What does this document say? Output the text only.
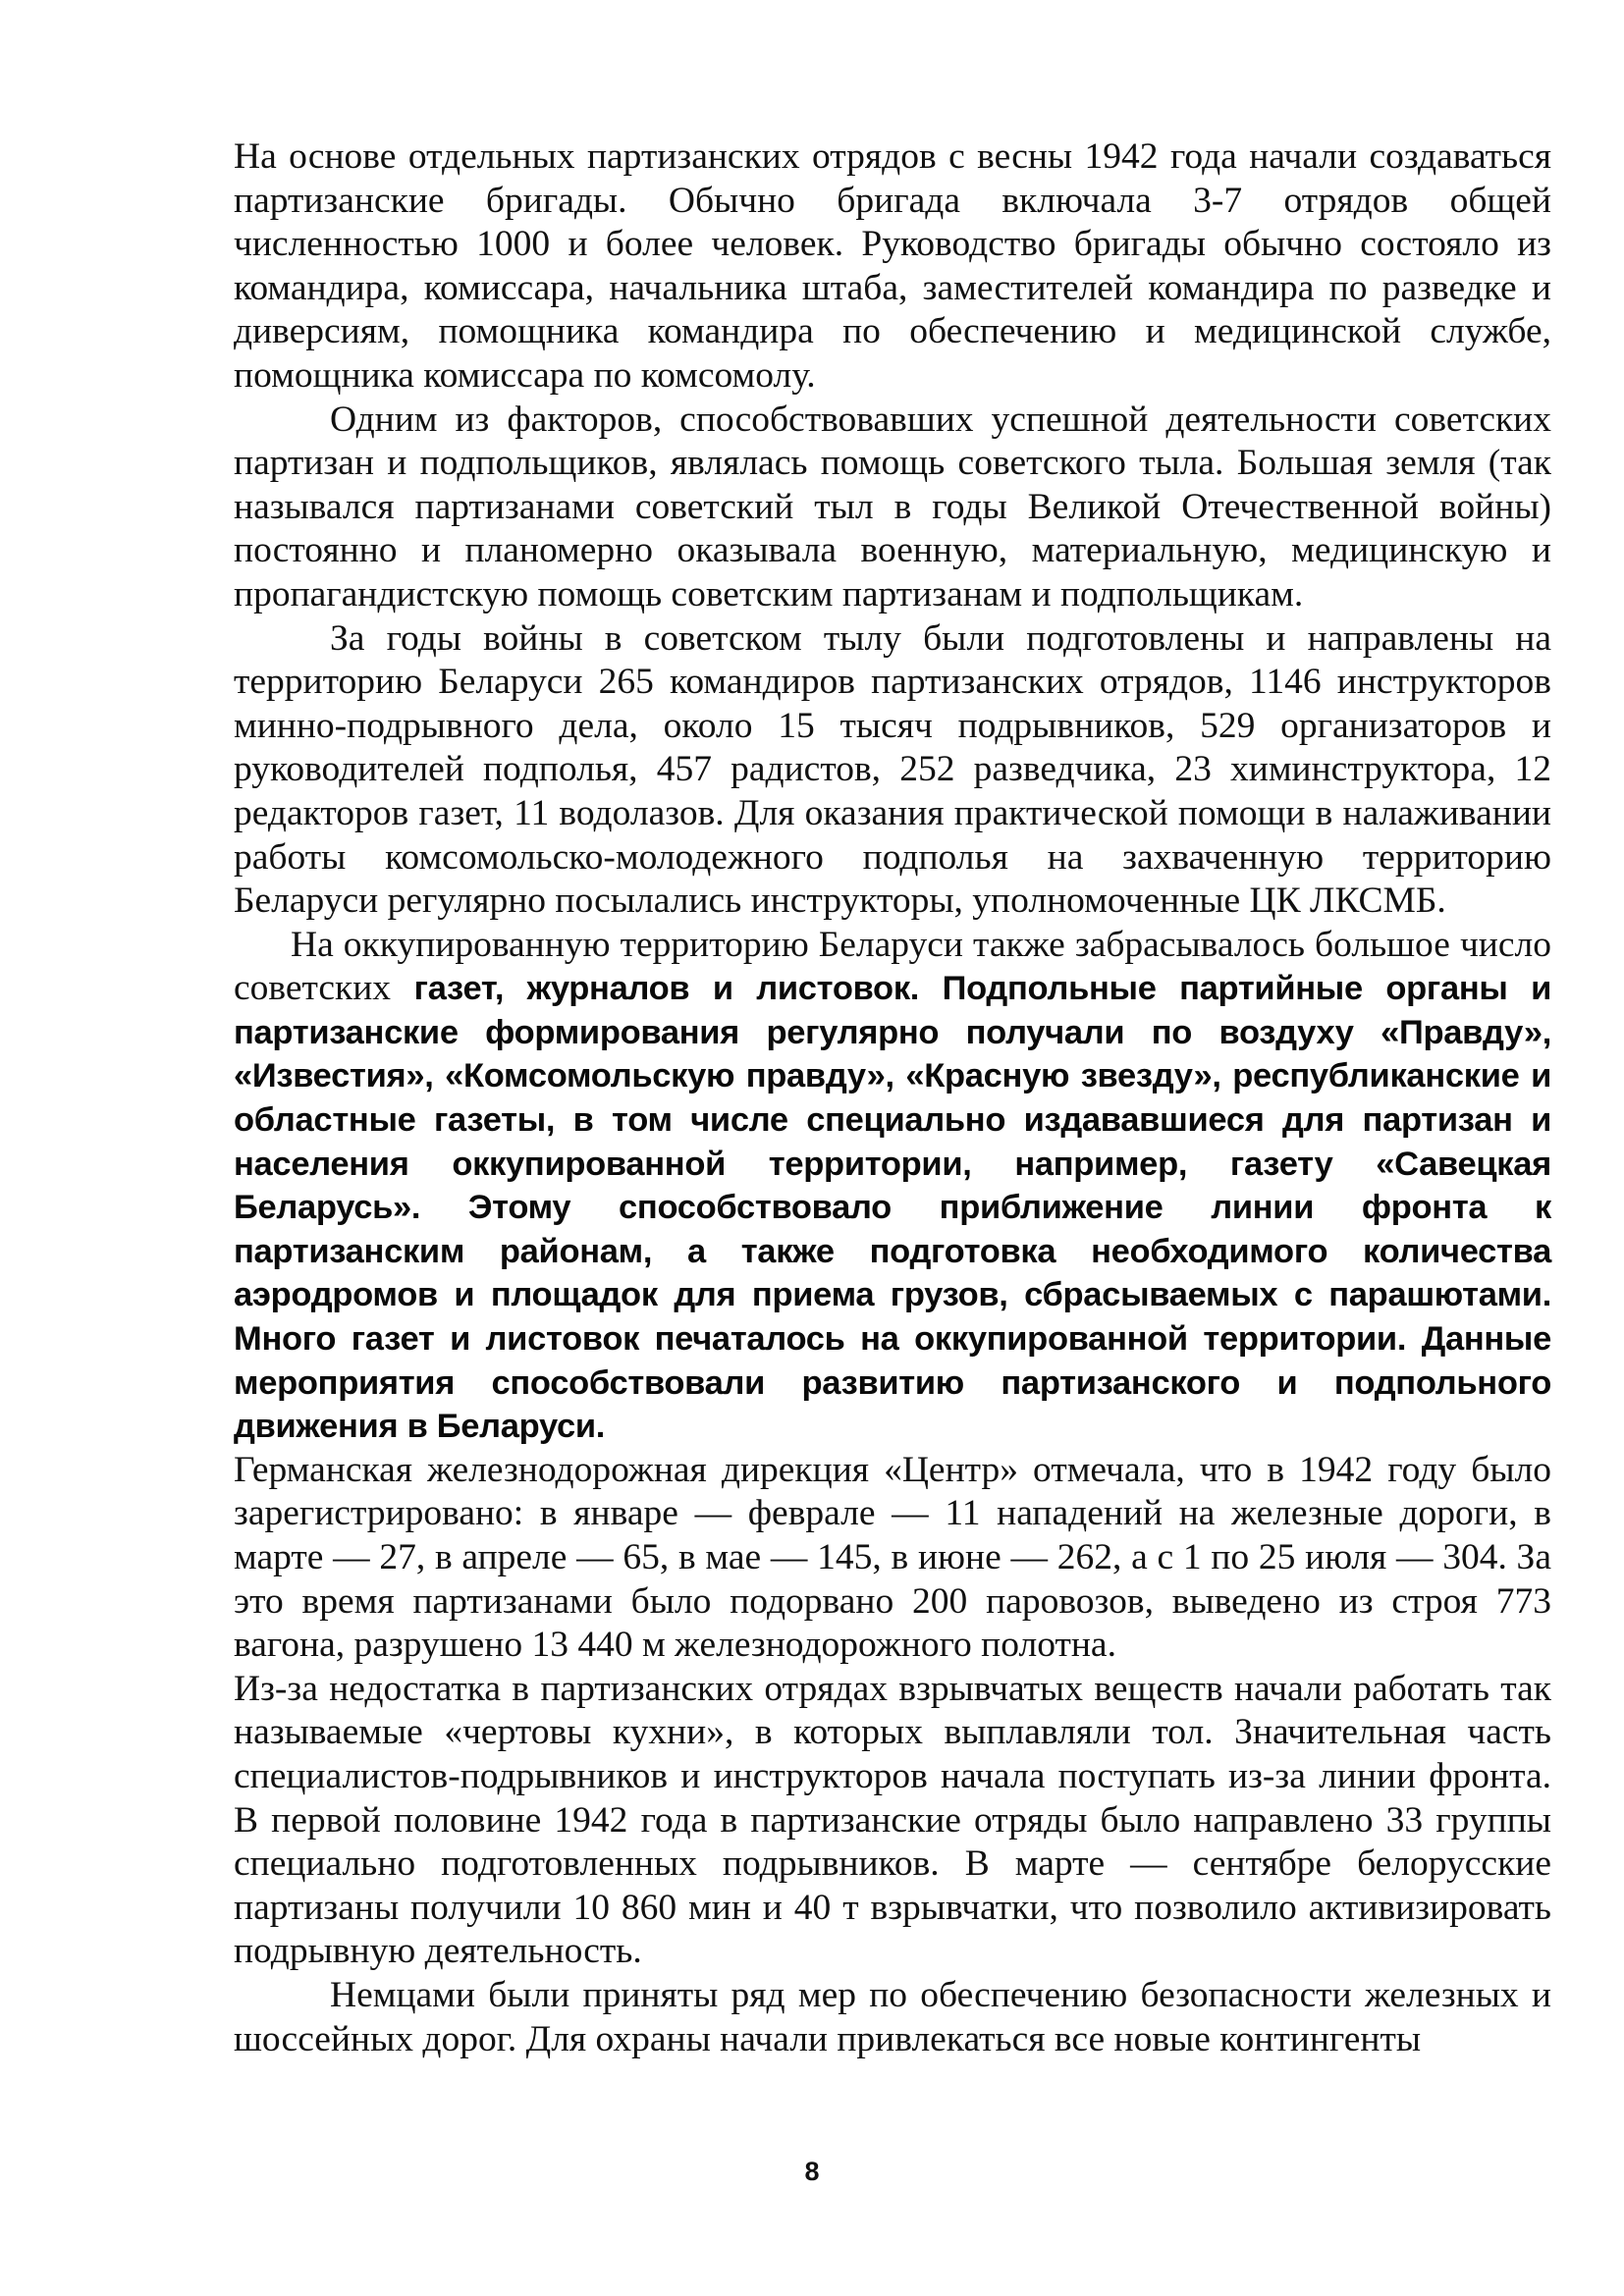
На основе отдельных партизанских отрядов с весны 1942 года начали создаваться партизанские бригады. Обычно бригада включала 3-7 отрядов общей численностью 1000 и более человек. Руководство бригады обычно состояло из командира, комиссара, начальника штаба, заместителей командира по разведке и диверсиям, помощника командира по обеспечению и медицинской службе, помощника комиссара по комсомолу.

Одним из факторов, способствовавших успешной деятельности советских партизан и подпольщиков, являлась помощь советского тыла. Большая земля (так назывался партизанами советский тыл в годы Великой Отечественной войны) постоянно и планомерно оказывала военную, материальную, медицинскую и пропагандистскую помощь советским партизанам и подпольщикам.

За годы войны в советском тылу были подготовлены и направлены на территорию Беларуси 265 командиров партизанских отрядов, 1146 инструкторов минно-подрывного дела, около 15 тысяч подрывников, 529 организаторов и руководителей подполья, 457 радистов, 252 разведчика, 23 химинструктора, 12 редакторов газет, 11 водолазов. Для оказания практической помощи в налаживании работы комсомольско-молодежного подполья на захваченную территорию Беларуси регулярно посылались инструкторы, уполномоченные ЦК ЛКСМБ.

На оккупированную территорию Беларуси также забрасывалось большое число советских газет, журналов и листовок. Подпольные партийные органы и партизанские формирования регулярно получали по воздуху «Правду», «Известия», «Комсомольскую правду», «Красную звезду», республиканские и областные газеты, в том числе специально издававшиеся для партизан и населения оккупированной территории, например, газету «Савецкая Беларусь». Этому способствовало приближение линии фронта к партизанским районам, а также подготовка необходимого количества аэродромов и площадок для приема грузов, сбрасываемых с парашютами. Много газет и листовок печаталось на оккупированной территории. Данные мероприятия способствовали развитию партизанского и подпольного движения в Беларуси.

Германская железнодорожная дирекция «Центр» отмечала, что в 1942 году было зарегистрировано: в январе — феврале — 11 нападений на железные дороги, в марте — 27, в апреле — 65, в мае — 145, в июне — 262, а с 1 по 25 июля — 304. За это время партизанами было подорвано 200 паровозов, выведено из строя 773 вагона, разрушено 13 440 м железнодорожного полотна.

Из-за недостатка в партизанских отрядах взрывчатых веществ начали работать так называемые «чертовы кухни», в которых выплавляли тол. Значительная часть специалистов-подрывников и инструкторов начала поступать из-за линии фронта. В первой половине 1942 года в партизанские отряды было направлено 33 группы специально подготовленных подрывников. В марте — сентябре белорусские партизаны получили 10 860 мин и 40 т взрывчатки, что позволило активизировать подрывную деятельность.

Немцами были приняты ряд мер по обеспечению безопасности железных и шоссейных дорог. Для охраны начали привлекаться все новые контингенты

8
